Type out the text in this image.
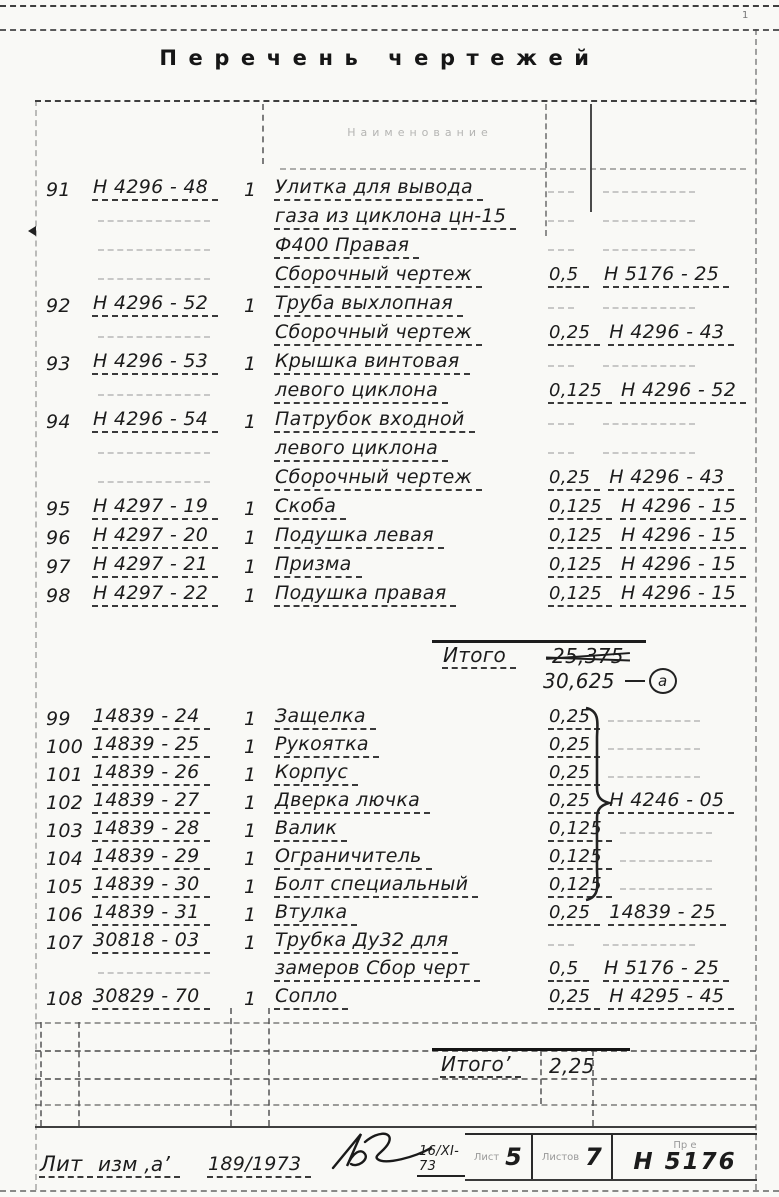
1
Перечень чертежей
Наименование
91	Н 4296 - 48	1 Улитка для вывода
газа из циклона цн-15
Ф400 Правая
Сборочный чертеж	0,5	Н 5176 - 25
92	Н 4296 - 52	1 Труба выхлопная
Сборочный чертеж	0,25	Н 4296 - 43
93	Н 4296 - 53	1 Крышка винтовая
левого циклона	0,125	Н 4296 - 52
94	Н 4296 - 54	1 Патрубок входной
левого циклона
Сборочный чертеж	0,25	Н 4296 - 43
95	Н 4297 - 19	1 Скоба	0,125	Н 4296 - 15
96	Н 4297 - 20	1 Подушка левая	0,125	Н 4296 - 15
97	Н 4297 - 21	1 Призма	0,125	Н 4296 - 15
98	Н 4297 - 22	1 Подушка правая	0,125	Н 4296 - 15
99	14839 - 24	1 Защелка	0,25
100 14839 - 25	1 Рукоятка	0,25
101 14839 - 26	1 Корпус	0,25
102 14839 - 27	1 Дверка лючка	0,25	Н 4246 - 05
103 14839 - 28	1 Валик	0,125
104 14839 - 29	1 Ограничитель	0,125
105 14839 - 30	1 Болт специальный	0,125
106 14839 - 31	1 Втулка	0,25	14839 - 25
107 30818 - 03	1 Трубка Ду32 для
замеров Сбор черт	0,5	Н 5176 - 25
108 30829 - 70	1 Сопло	0,25	Н 4295 - 45
Итого	25,375
30,625	а
Итого’	2,25
Лит изм ,а’	189/1973
16/XI-73
Лист 5 Листов 7	Пр е
Н 5176
